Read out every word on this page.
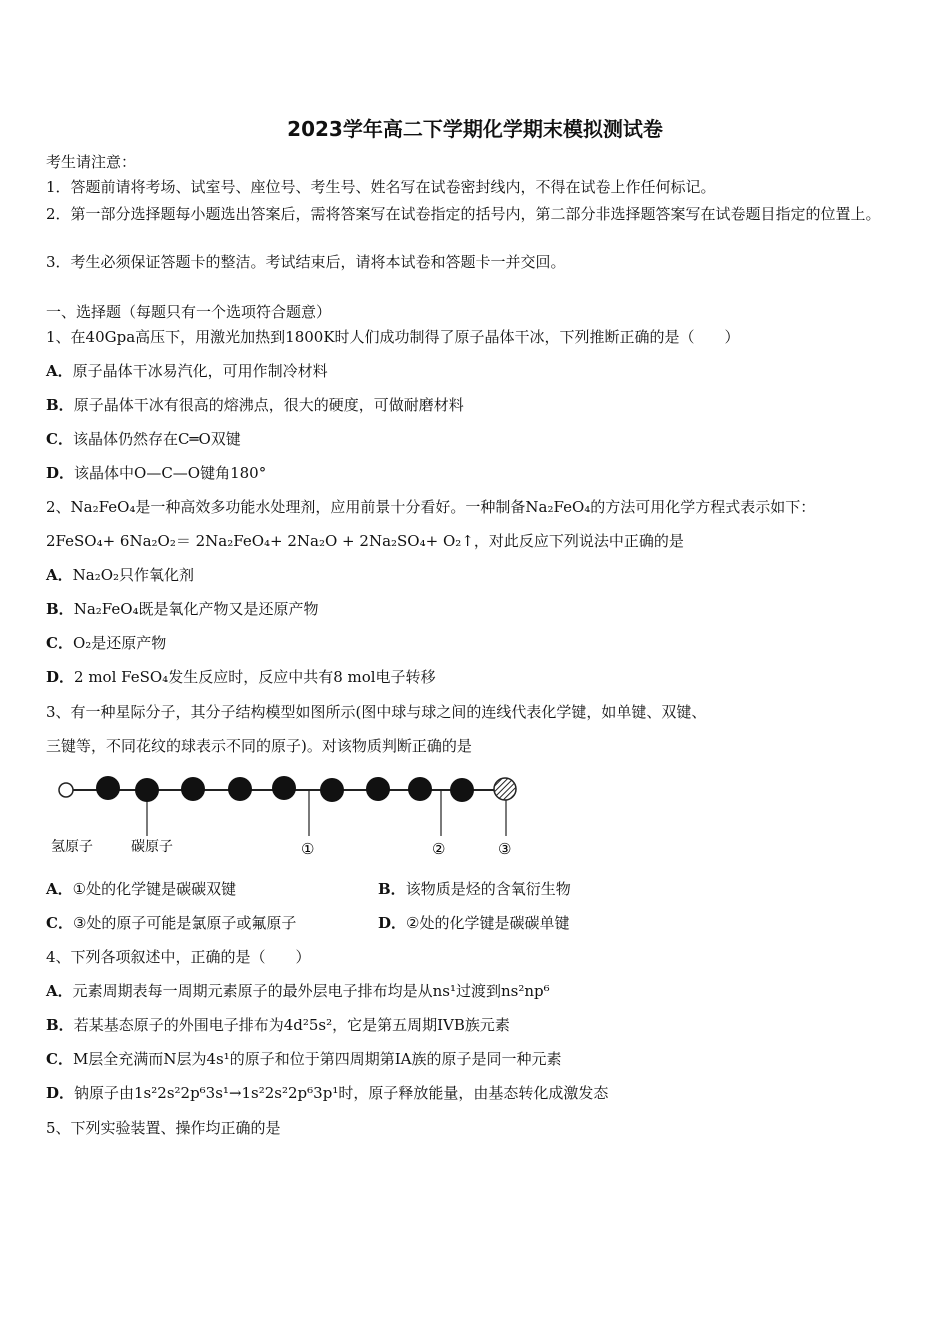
2023学年高二下学期化学期末模拟测试卷
考生请注意：
1．答题前请将考场、试室号、座位号、考生号、姓名写在试卷密封线内，不得在试卷上作任何标记。
2．第一部分选择题每小题选出答案后，需将答案写在试卷指定的括号内，第二部分非选择题答案写在试卷题目指定的位置上。
3．考生必须保证答题卡的整洁。考试结束后，请将本试卷和答题卡一并交回。
一、选择题（每题只有一个选项符合题意）
1、在40Gpa高压下，用激光加热到1800K时人们成功制得了原子晶体干冰，下列推断正确的是（　　）
A．原子晶体干冰易汽化，可用作制冷材料
B．原子晶体干冰有很高的熔沸点，很大的硬度，可做耐磨材料
C．该晶体仍然存在C═O双键
D．该晶体中O—C—O键角180°
2、Na₂FeO₄是一种高效多功能水处理剂，应用前景十分看好。一种制备Na₂FeO₄的方法可用化学方程式表示如下：
2FeSO₄+ 6Na₂O₂＝ 2Na₂FeO₄+ 2Na₂O + 2Na₂SO₄+ O₂↑，对此反应下列说法中正确的是
A．Na₂O₂只作氧化剂
B．Na₂FeO₄既是氧化产物又是还原产物
C．O₂是还原产物
D．2 mol FeSO₄发生反应时，反应中共有8 mol电子转移
3、有一种星际分子，其分子结构模型如图所示(图中球与球之间的连线代表化学键，如单键、双键、
三键等，不同花纹的球表示不同的原子)。对该物质判断正确的是
氢原子	碳原子	①	②	③
A．①处的化学键是碳碳双键	B．该物质是烃的含氧衍生物
C．③处的原子可能是氯原子或氟原子	D．②处的化学键是碳碳单键
4、下列各项叙述中，正确的是（　　）
A．元素周期表每一周期元素原子的最外层电子排布均是从ns¹过渡到ns²np⁶
B．若某基态原子的外围电子排布为4d²5s²，它是第五周期IVB族元素
C．M层全充满而N层为4s¹的原子和位于第四周期第ⅠA族的原子是同一种元素
D．钠原子由1s²2s²2p⁶3s¹→1s²2s²2p⁶3p¹时，原子释放能量，由基态转化成激发态
5、下列实验装置、操作均正确的是
